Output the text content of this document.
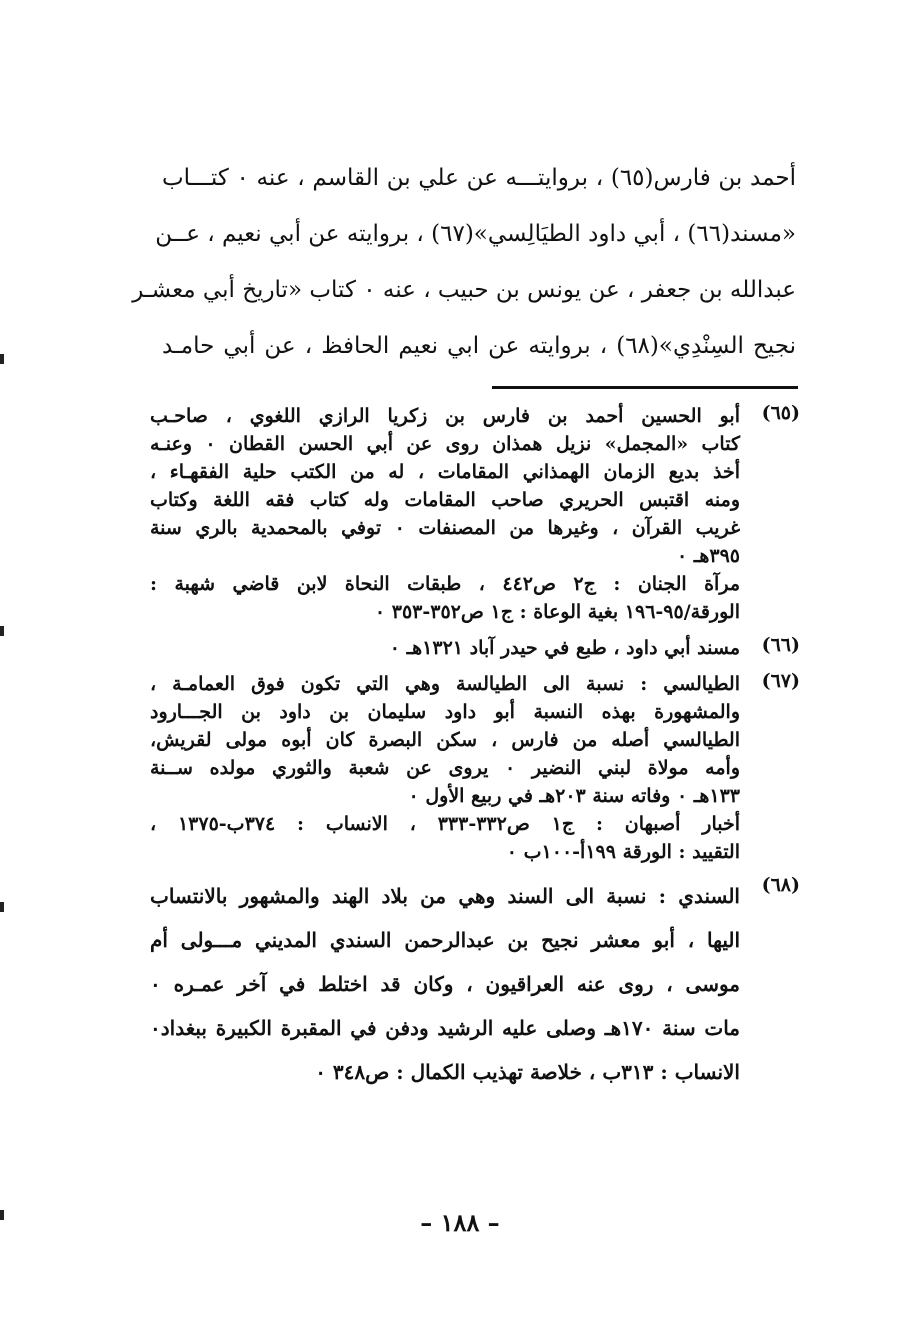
أحمد بن فارس(٦٥) ، بروايتـــه عن علي بن القاسم ، عنه ٠ كتـــاب
«مسند(٦٦) ، أبي داود الطيَالِسي»(٦٧) ، بروايته عن أبي نعيم ، عــن
عبدالله بن جعفر ، عن يونس بن حبيب ، عنه ٠ كتاب «تاريخ أبي معشـر
نجيح السِنْدِي»(٦٨) ، بروايته عن ابي نعيم الحافظ ، عن أبي حامـد
(٦٥)
أبو الحسين أحمد بن فارس بن زكريا الرازي اللغوي ، صاحـب
كتاب «المجمل» نزيل همذان روى عن أبي الحسن القطان ٠ وعنـه
أخذ بديع الزمان الهمذاني المقامات ، له من الكتب حلية الفقهـاء ،
ومنه اقتبس الحريري صاحب المقامات وله كتاب فقه اللغة وكتاب
غريب القرآن ، وغيرها من المصنفات ٠ توفي بالمحمدية بالري سنة
٣٩٥هـ ٠
مرآة الجنان : ج٢ ص٤٤٢ ، طبقات النحاة لابن قاضي شهبة :
الورقة/٩٥-١٩٦ بغية الوعاة : ج١ ص٣٥٢-٣٥٣ ٠
(٦٦)
مسند أبي داود ، طبع في حيدر آباد ١٣٢١هـ ٠
(٦٧)
الطيالسي : نسبة الى الطيالسة وهي التي تكون فوق العمامـة ،
والمشهورة بهذه النسبة أبو داود سليمان بن داود بن الجـــارود
الطيالسي أصله من فارس ، سكن البصرة كان أبوه مولى لقريش،
وأمه مولاة لبني النضير ٠ يروى عن شعبة والثوري مولده ســنة
١٣٣هـ ٠ وفاته سنة ٢٠٣هـ في ربيع الأول ٠
أخبار أصبهان : ج١ ص٣٣٢-٣٣٣ ، الانساب : ٣٧٤ب-١٣٧٥ ،
التقييد : الورقة ١٩٩أ-١٠٠ب ٠
(٦٨)
السندي : نسبة الى السند وهي من بلاد الهند والمشهور بالانتساب
اليها ، أبو معشر نجيح بن عبدالرحمن السندي المديني مـــولى أم
موسى ، روى عنه العراقيون ، وكان قد اختلط في آخر عمـره ٠
مات سنة ١٧٠هـ وصلى عليه الرشيد ودفن في المقبرة الكبيرة ببغداد٠
الانساب : ٣١٣ب ، خلاصة تهذيب الكمال : ص٣٤٨ ٠
– ١٨٨ –
